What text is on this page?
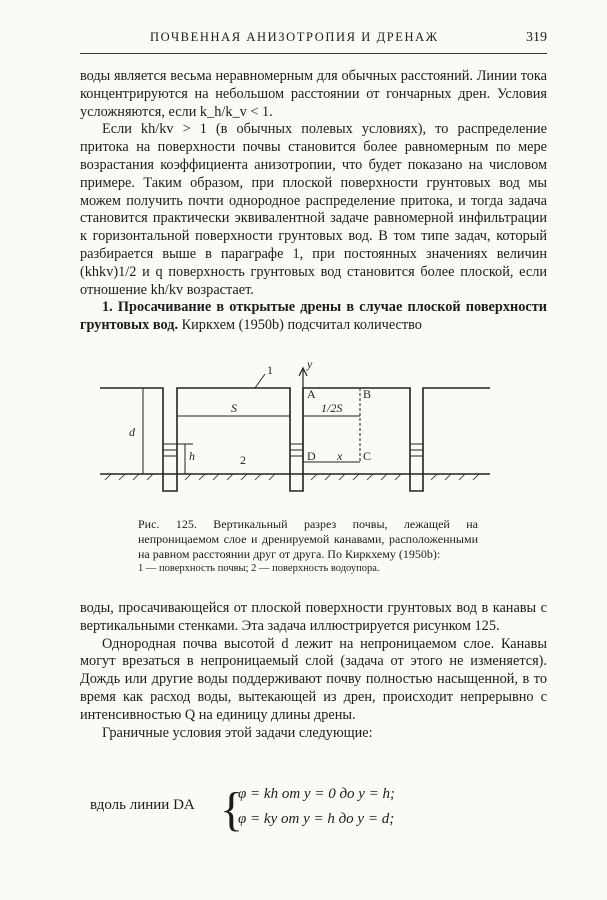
ПОЧВЕННАЯ АНИЗОТРОПИЯ И ДРЕНАЖ	319

воды является весьма неравномерным для обычных расстояний. Линии тока концентрируются на небольшом расстоянии от гончарных дрен. Условия усложняются, если k_h/k_v < 1.

Если kh/kv > 1 (в обычных полевых условиях), то распределение притока на поверхности почвы становится более равномерным по мере возрастания коэффициента анизотропии, что будет показано на числовом примере. Таким образом, при плоской поверхности грунтовых вод мы можем получить почти однородное распределение притока, и тогда задача становится практически эквивалентной задаче равномерной инфильтрации к горизонтальной поверхности грунтовых вод. В том типе задач, который разбирается выше в параграфе 1, при постоянных значениях величин (khkv)1/2 и q поверхность грунтовых вод становится более плоской, если отношение kh/kv возрастает.

1. Просачивание в открытые дрены в случае плоской поверхности грунтовых вод. Киркхем (1950b) подсчитал количество

1
2
y
x
A	B
C
D
S	1/2S
d
h
Рис. 125. Вертикальный разрез почвы, лежащей на непроницаемом слое и дренируемой канавами, расположенными на равном расстоянии друг от друга. По Киркхему (1950b):
1 — поверхность почвы; 2 — поверхность водоупора.

воды, просачивающейся от плоской поверхности грунтовых вод в канавы с вертикальными стенками. Эта задача иллюстрируется рисунком 125.

Однородная почва высотой d лежит на непроницаемом слое. Канавы могут врезаться в непроницаемый слой (задача от этого не изменяется). Дождь или другие воды поддерживают почву полностью насыщенной, в то время как расход воды, вытекающей из дрен, происходит непрерывно с интенсивностью Q на единицу длины дрены.

Граничные условия этой задачи следующие:

вдоль линии DA {
φ = kh от y = 0 до y = h;
φ = ky от y = h до y = d;
